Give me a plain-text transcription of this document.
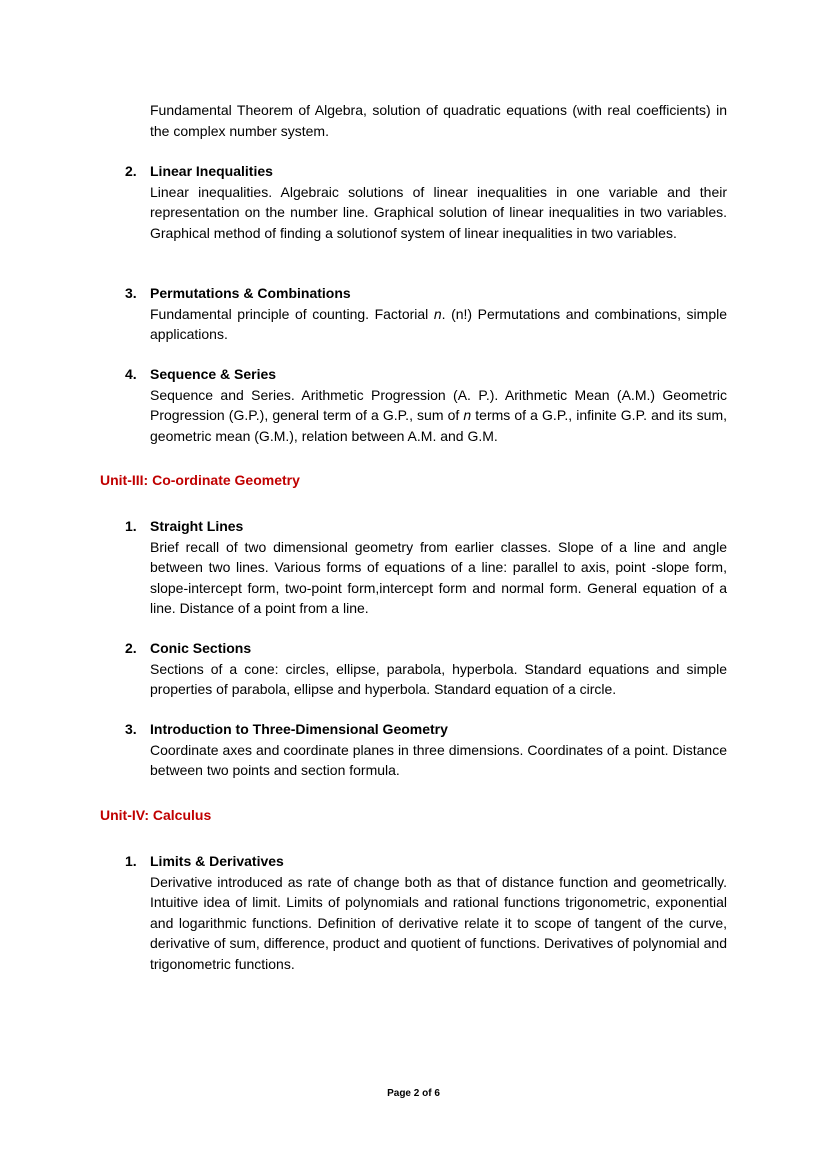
Fundamental Theorem of Algebra, solution of quadratic equations (with real coefficients) in the complex number system.
2. Linear Inequalities
Linear inequalities. Algebraic solutions of linear inequalities in one variable and their representation on the number line. Graphical solution of linear inequalities in two variables. Graphical method of finding a solutionof system of linear inequalities in two variables.
3. Permutations & Combinations
Fundamental principle of counting. Factorial n. (n!) Permutations and combinations, simple applications.
4. Sequence & Series
Sequence and Series. Arithmetic Progression (A. P.). Arithmetic Mean (A.M.) Geometric Progression (G.P.), general term of a G.P., sum of n terms of a G.P., infinite G.P. and its sum, geometric mean (G.M.), relation between A.M. and G.M.
Unit-III: Co-ordinate Geometry
1. Straight Lines
Brief recall of two dimensional geometry from earlier classes. Slope of a line and angle between two lines. Various forms of equations of a line: parallel to axis, point -slope form, slope-intercept form, two-point form,intercept form and normal form. General equation of a line. Distance of a point from a line.
2. Conic Sections
Sections of a cone: circles, ellipse, parabola, hyperbola. Standard equations and simple properties of parabola, ellipse and hyperbola. Standard equation of a circle.
3. Introduction to Three-Dimensional Geometry
Coordinate axes and coordinate planes in three dimensions. Coordinates of a point. Distance between two points and section formula.
Unit-IV: Calculus
1. Limits & Derivatives
Derivative introduced as rate of change both as that of distance function and geometrically. Intuitive idea of limit. Limits of polynomials and rational functions trigonometric, exponential and logarithmic functions. Definition of derivative relate it to scope of tangent of the curve, derivative of sum, difference, product and quotient of functions. Derivatives of polynomial and trigonometric functions.
Page 2 of 6
